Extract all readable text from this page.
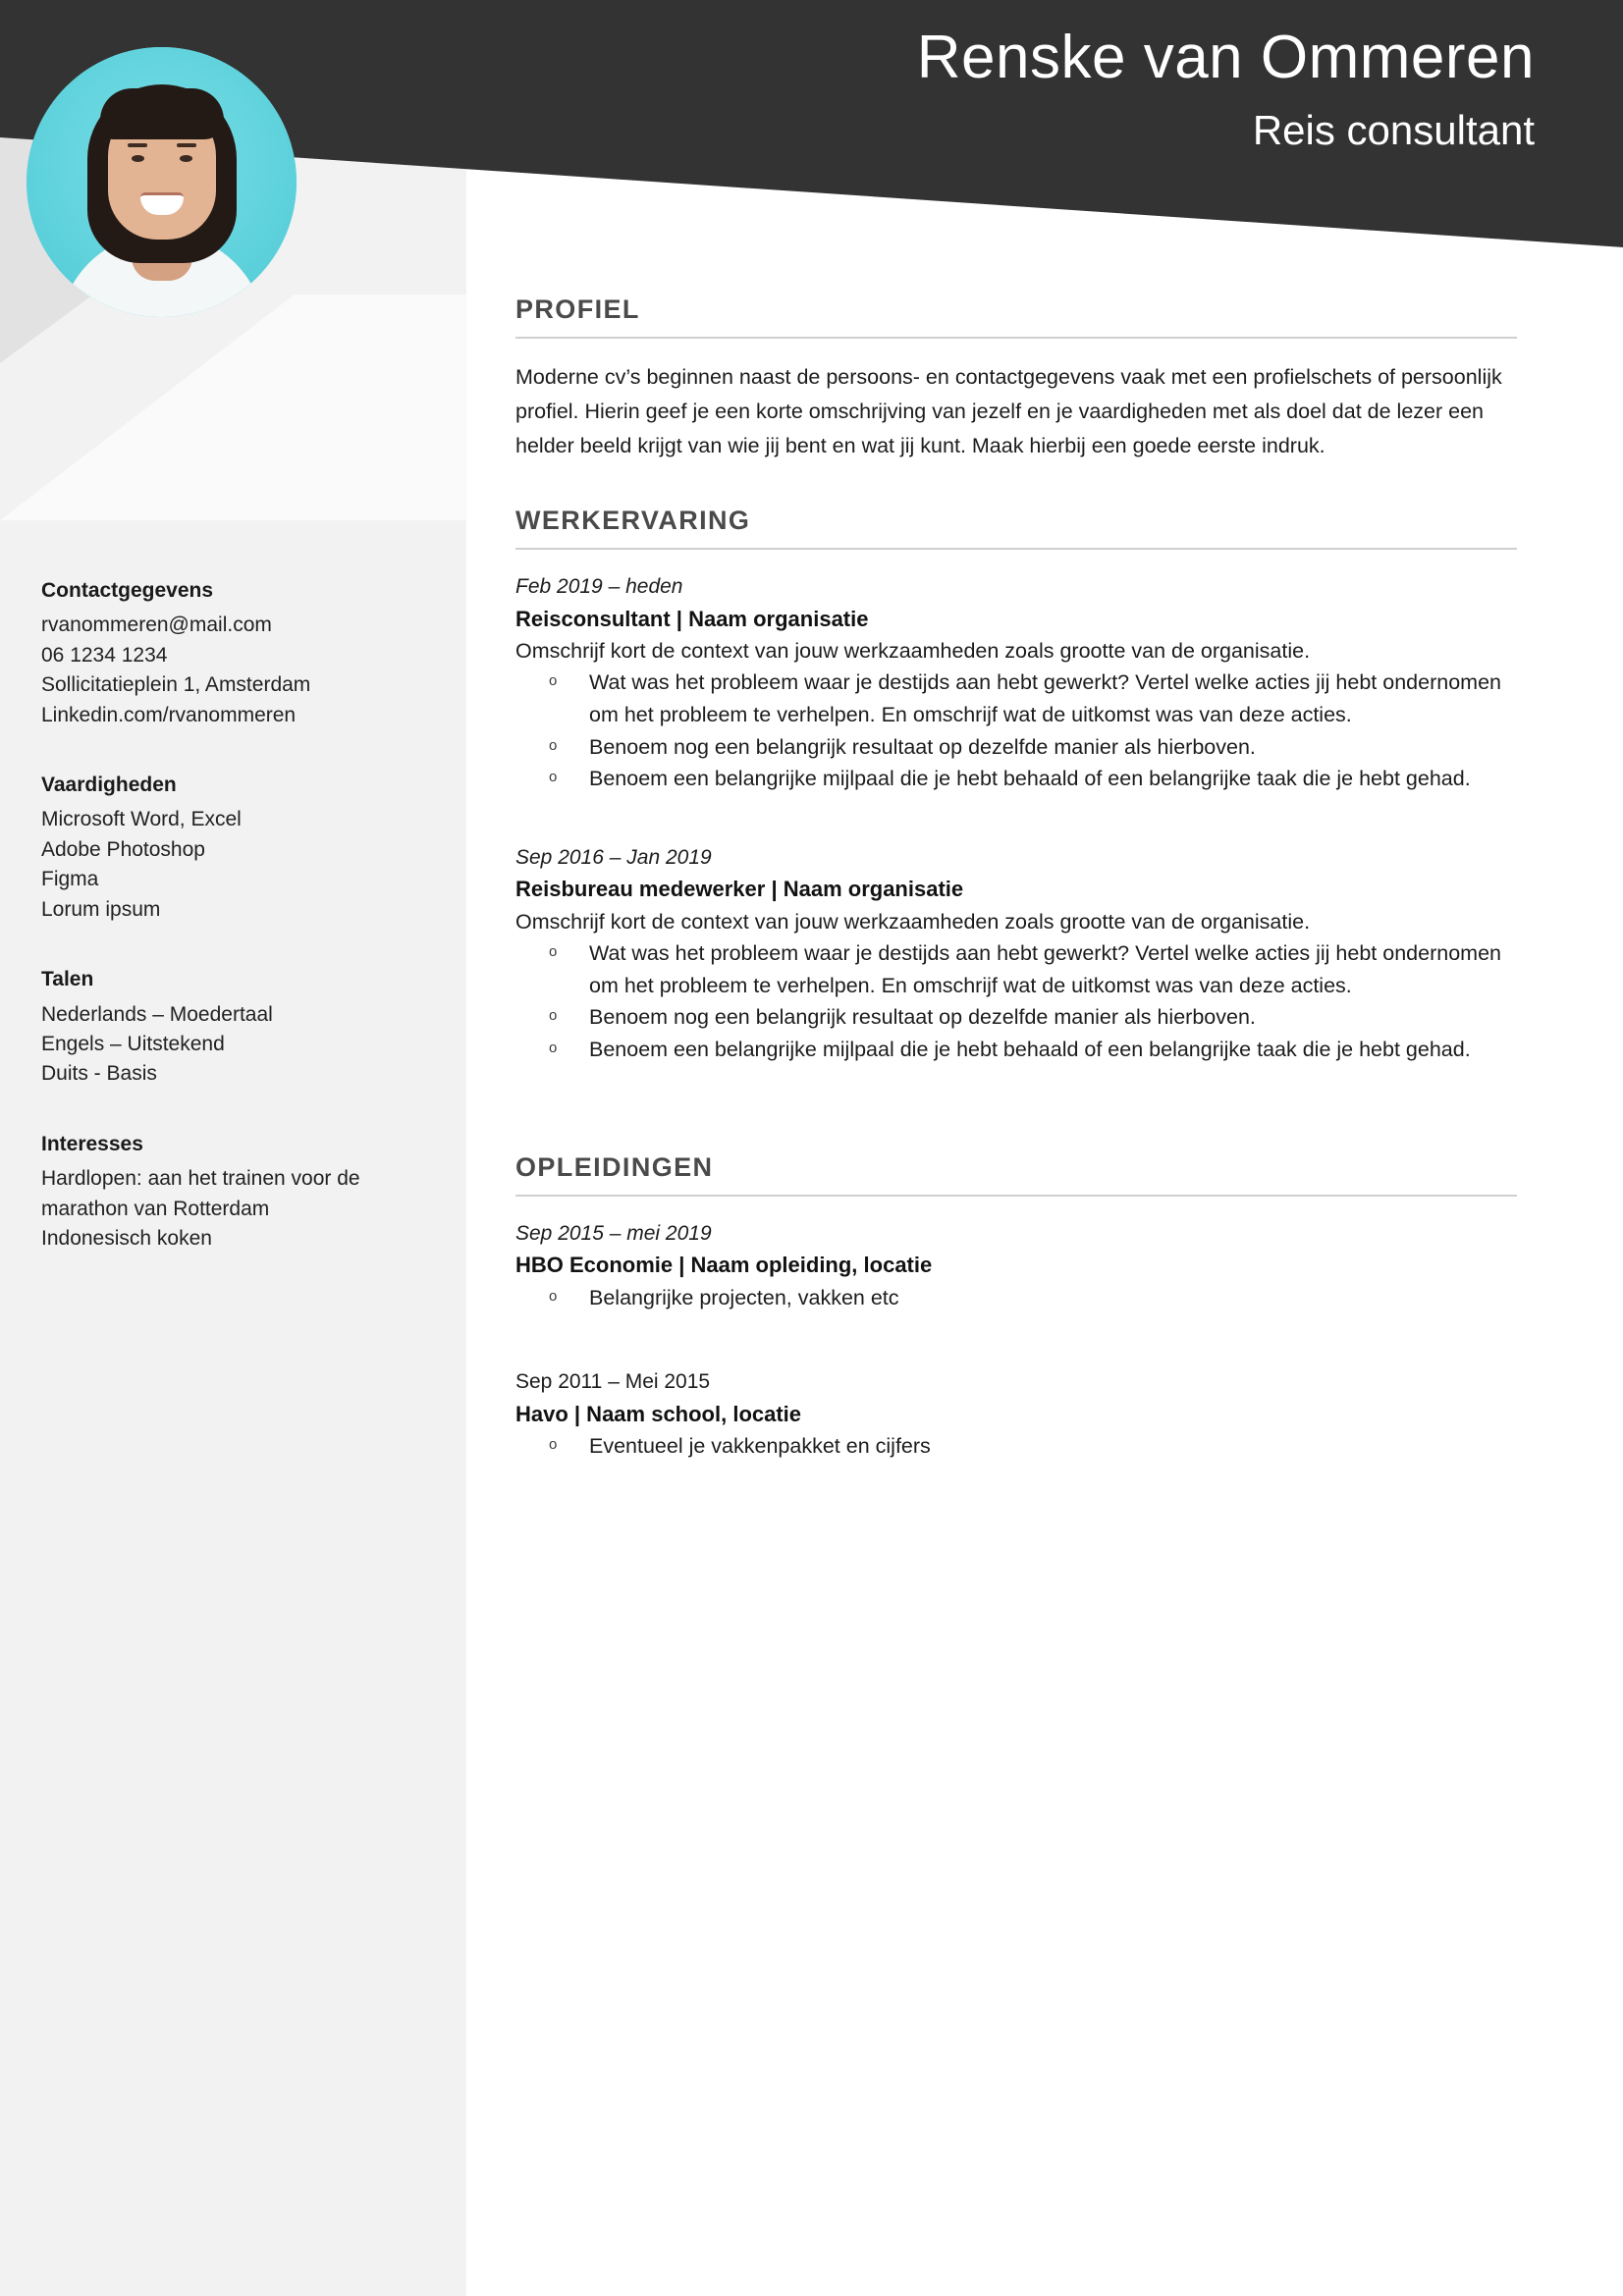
Renske van Ommeren
Reis consultant
Contactgegevens
rvanommeren@mail.com
06 1234 1234
Sollicitatieplein 1, Amsterdam
Linkedin.com/rvanommeren
Vaardigheden
Microsoft Word, Excel
Adobe Photoshop
Figma
Lorum ipsum
Talen
Nederlands – Moedertaal
Engels – Uitstekend
Duits - Basis
Interesses
Hardlopen: aan het trainen voor de marathon van Rotterdam
Indonesisch koken
PROFIEL
Moderne cv’s beginnen naast de persoons- en contactgegevens vaak met een profielschets of persoonlijk profiel. Hierin geef je een korte omschrijving van jezelf en je vaardigheden met als doel dat de lezer een helder beeld krijgt van wie jij bent en wat jij kunt. Maak hierbij een goede eerste indruk.
WERKERVARING
Feb 2019 – heden
Reisconsultant | Naam organisatie
Omschrijf kort de context van jouw werkzaamheden zoals grootte van de organisatie.
o Wat was het probleem waar je destijds aan hebt gewerkt? Vertel welke acties jij hebt ondernomen om het probleem te verhelpen. En omschrijf wat de uitkomst was van deze acties.
o Benoem nog een belangrijk resultaat op dezelfde manier als hierboven.
o Benoem een belangrijke mijlpaal die je hebt behaald of een belangrijke taak die je hebt gehad.
Sep 2016 – Jan 2019
Reisbureau medewerker | Naam organisatie
Omschrijf kort de context van jouw werkzaamheden zoals grootte van de organisatie.
o Wat was het probleem waar je destijds aan hebt gewerkt? Vertel welke acties jij hebt ondernomen om het probleem te verhelpen. En omschrijf wat de uitkomst was van deze acties.
o Benoem nog een belangrijk resultaat op dezelfde manier als hierboven.
o Benoem een belangrijke mijlpaal die je hebt behaald of een belangrijke taak die je hebt gehad.
OPLEIDINGEN
Sep 2015 – mei 2019
HBO Economie | Naam opleiding, locatie
o Belangrijke projecten, vakken etc
Sep 2011 – Mei 2015
Havo | Naam school, locatie
o Eventueel je vakkenpakket en cijfers
